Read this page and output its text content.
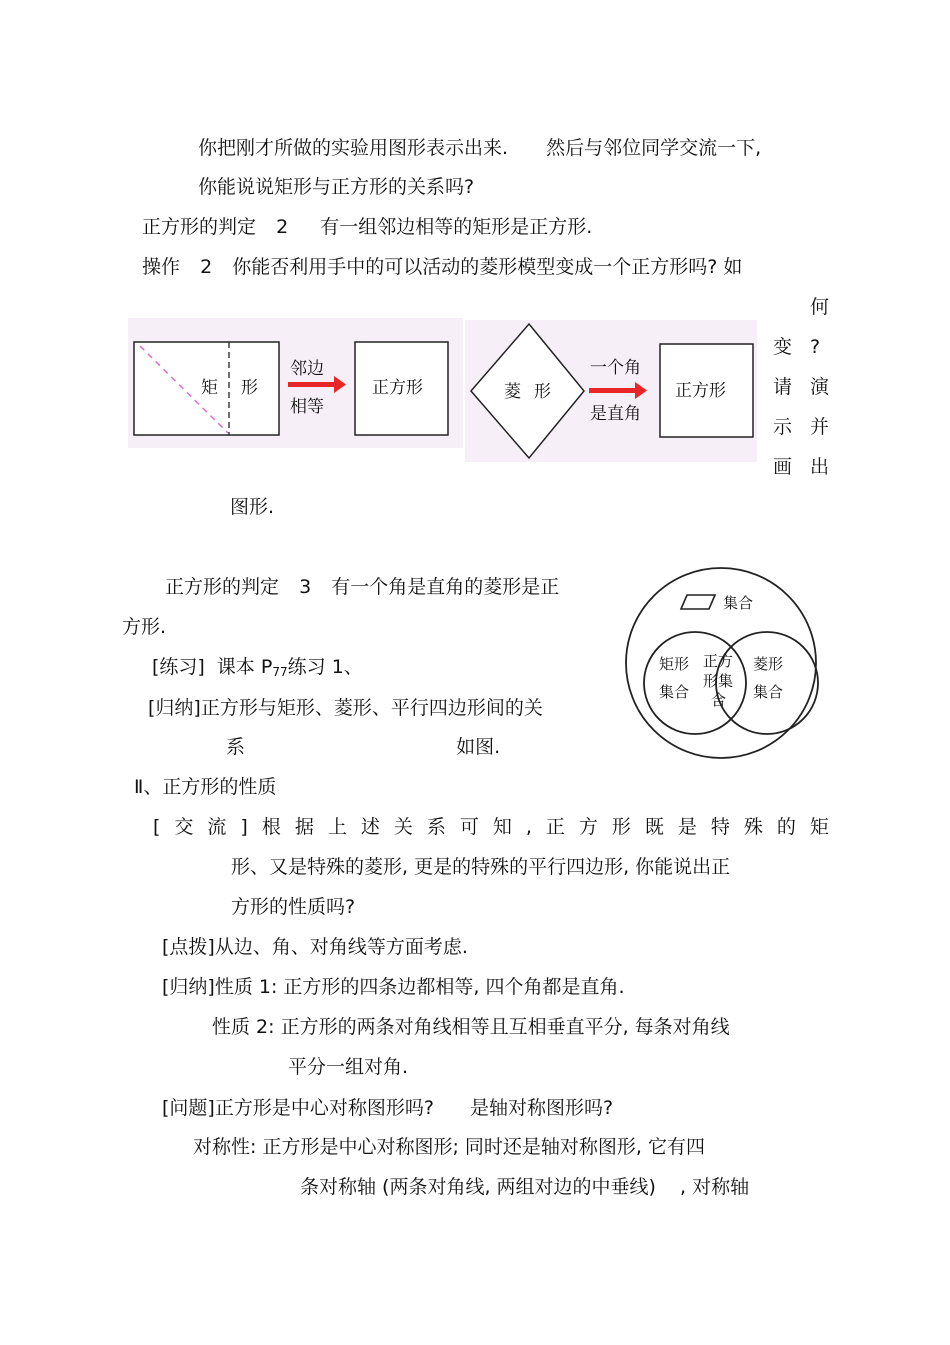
你把刚才所做的实验用图形表示出来. 然后与邻位同学交流一下,
你能说说矩形与正方形的关系吗?
正方形的判定 2 有一组邻边相等的矩形是正方形.
操作 2 你能否利用手中的可以活动的菱形模型变成一个正方形吗? 如
何
变 ?
请 演
示 并
画 出
矩 形
邻边
相等
正方形	菱 形
一个角
是直角
正方形
图形.
正方形的判定 3 有一个角是直角的菱形是正
方形.
[练习] 课本 $P_{77}$练习 1、
[归纳]正方形与矩形、菱形、平行四边形间的关
系	如图.
集合
矩形
集合
正方
形集
合
菱形
集合
Ⅱ、正方形的性质
[ 交 流 ] 根 据 上 述 关 系 可 知 , 正 方 形 既 是 特 殊 的 矩
形、又是特殊的菱形, 更是的特殊的平行四边形, 你能说出正
方形的性质吗?
[点拨]从边、角、对角线等方面考虑.
[归纳]性质 1: 正方形的四条边都相等, 四个角都是直角.
性质 2: 正方形的两条对角线相等且互相垂直平分, 每条对角线
平分一组对角.
[问题]正方形是中心对称图形吗? 是轴对称图形吗?
对称性: 正方形是中心对称图形; 同时还是轴对称图形, 它有四
条对称轴 (两条对角线, 两组对边的中垂线) , 对称轴
